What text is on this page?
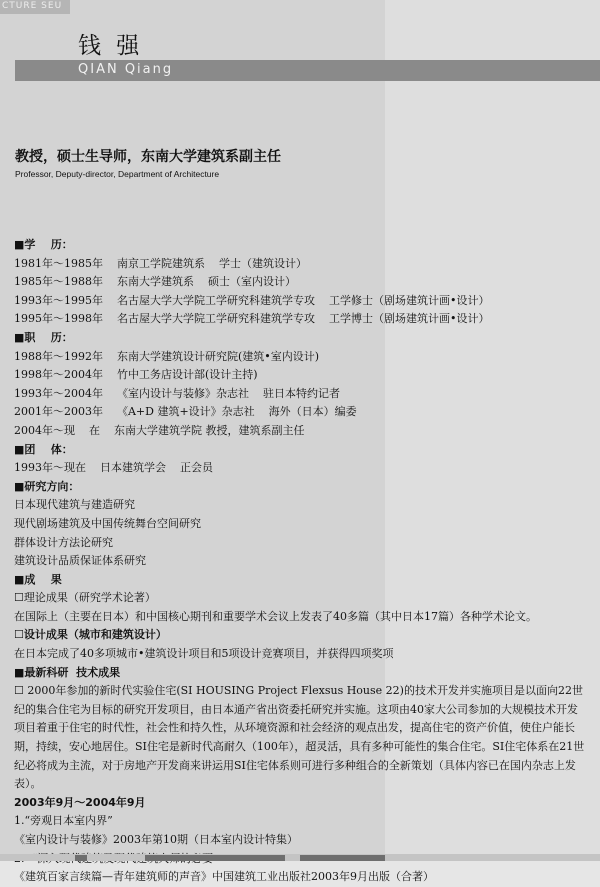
CTURE SEU
钱 强
QIAN Qiang
教授，硕士生导师，东南大学建筑系副主任
Professor, Deputy-director, Department of Architecture
■ 学    历：
1981年～1985年    南京工学院建筑系    学士（建筑设计）
1985年～1988年    东南大学建筑系    硕士（室内设计）
1993年～1995年    名古屋大学大学院工学研究科建筑学专攻    工学修士（剧场建筑计画•设计）
1995年～1998年    名古屋大学大学院工学研究科建筑学专攻    工学博士（剧场建筑计画•设计）
■ 职    历：
1988年～1992年    东南大学建筑设计研究院(建筑•室内设计)
1998年～2004年    竹中工务店设计部(设计主持)
1993年～2004年    《室内设计与装修》杂志社    驻日本特约记者
2001年～2003年    《A+D 建筑+设计》杂志社    海外（日本）编委
2004年～现    在    东南大学建筑学院 教授，建筑系副主任
■ 团    体：
1993年～现在    日本建筑学会    正会员
■ 研究方向：
日本现代建筑与建造研究
现代剧场建筑及中国传统舞台空间研究
群体设计方法论研究
建筑设计品质保证体系研究
■ 成    果
☐ 理论成果（研究学术论著）
在国际上（主要在日本）和中国核心期刊和重要学术会议上发表了40多篇（其中日本17篇）各种学术论文。
☐ 设计成果（城市和建筑设计）
在日本完成了40多项城市•建筑设计项目和5项设计竞赛项目，并获得四项奖项
■ 最新科研  技术成果
☐ 2000年参加的新时代实验住宅(SI HOUSING Project Flexsus House 22)的技术开发并实施项目是以面向22世纪的集合住宅为目标的研究开发项目，由日本通产省出资委托研究并实施。这项由40家大公司参加的大规模技术开发项目着重于住宅的时代性，社会性和持久性，从环境资源和社会经济的观点出发，提高住宅的资产价值，使住户能长期，持续，安心地居住。SI住宅是新时代高耐久（100年），超灵活，具有多种可能性的集合住宅。SI住宅体系在21世纪必将成为主流，对于房地产开发商来讲运用SI住宅体系则可进行多种组合的全新策划（具体内容已在国内杂志上发表）。
2003年9月～2004年9月
1.“旁观日本室内界”
《室内设计与装修》2003年第10期（日本室内设计特集）
《建筑百家言续篇—青年建筑师的声音》中国建筑工业出版社2003年9月出版（合著）
